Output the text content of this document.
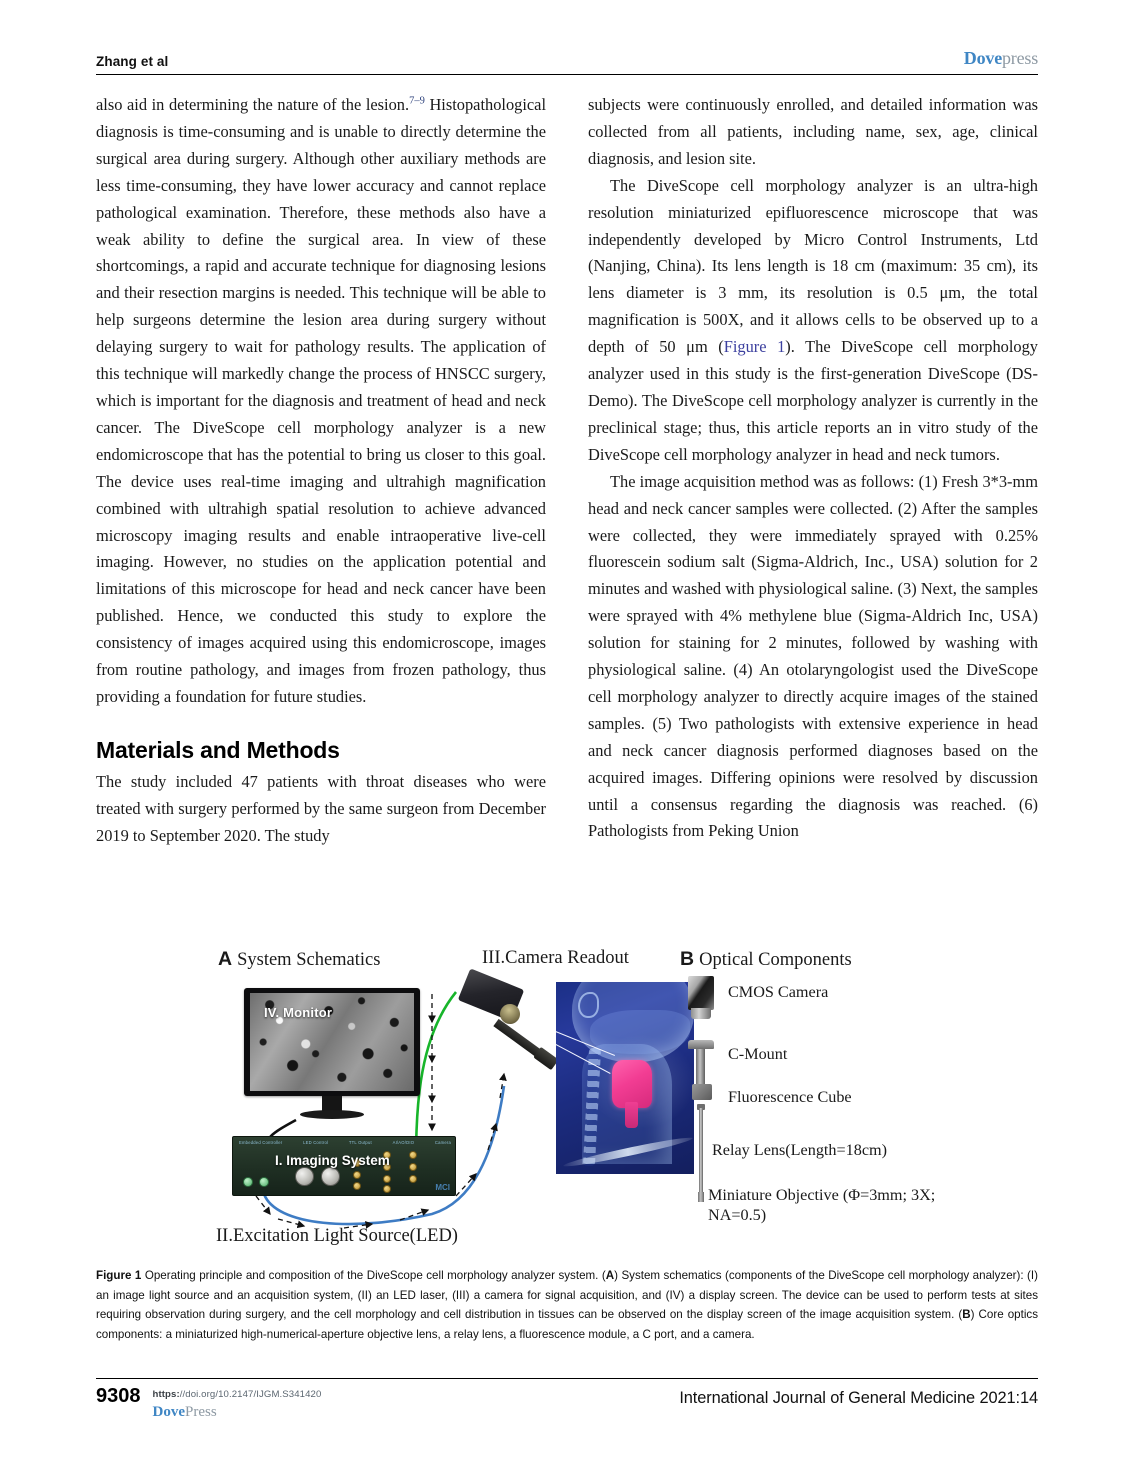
Zhang et al	Dovepress

also aid in determining the nature of the lesion.$^{7-9}$ Histopathological diagnosis is time-consuming and is unable to directly determine the surgical area during surgery. Although other auxiliary methods are less time-consuming, they have lower accuracy and cannot replace pathological examination. Therefore, these methods also have a weak ability to define the surgical area. In view of these shortcomings, a rapid and accurate technique for diagnosing lesions and their resection margins is needed. This technique will be able to help surgeons determine the lesion area during surgery without delaying surgery to wait for pathology results. The application of this technique will markedly change the process of HNSCC surgery, which is important for the diagnosis and treatment of head and neck cancer. The DiveScope cell morphology analyzer is a new endomicroscope that has the potential to bring us closer to this goal. The device uses real-time imaging and ultrahigh magnification combined with ultrahigh spatial resolution to achieve advanced microscopy imaging results and enable intraoperative live-cell imaging. However, no studies on the application potential and limitations of this microscope for head and neck cancer have been published. Hence, we conducted this study to explore the consistency of images acquired using this endomicroscope, images from routine pathology, and images from frozen pathology, thus providing a foundation for future studies.

Materials and Methods

The study included 47 patients with throat diseases who were treated with surgery performed by the same surgeon from December 2019 to September 2020. The study

subjects were continuously enrolled, and detailed information was collected from all patients, including name, sex, age, clinical diagnosis, and lesion site.

The DiveScope cell morphology analyzer is an ultra-high resolution miniaturized epifluorescence microscope that was independently developed by Micro Control Instruments, Ltd (Nanjing, China). Its lens length is 18 cm (maximum: 35 cm), its lens diameter is 3 mm, its resolution is 0.5 μm, the total magnification is 500X, and it allows cells to be observed up to a depth of 50 μm (Figure 1). The DiveScope cell morphology analyzer used in this study is the first-generation DiveScope (DS-Demo). The DiveScope cell morphology analyzer is currently in the preclinical stage; thus, this article reports an in vitro study of the DiveScope cell morphology analyzer in head and neck tumors.

The image acquisition method was as follows: (1) Fresh 3*3-mm head and neck cancer samples were collected. (2) After the samples were collected, they were immediately sprayed with 0.25% fluorescein sodium salt (Sigma-Aldrich, Inc., USA) solution for 2 minutes and washed with physiological saline. (3) Next, the samples were sprayed with 4% methylene blue (Sigma-Aldrich Inc, USA) solution for staining for 2 minutes, followed by washing with physiological saline. (4) An otolaryngologist used the DiveScope cell morphology analyzer to directly acquire images of the stained samples. (5) Two pathologists with extensive experience in head and neck cancer diagnosis performed diagnoses based on the acquired images. Differing opinions were resolved by discussion until a consensus regarding the diagnosis was reached. (6) Pathologists from Peking Union

A System Schematics	III.Camera Readout	B Optical Components
IV. Monitor
Embedded Controller	LED Control	TTL Output	AI/AO/DIO	Camera
MCI
I. Imaging System
II.Excitation Light Source(LED)
CMOS Camera
C-Mount
Fluorescence Cube
Relay Lens(Length=18cm)
Miniature Objective (Φ=3mm; 3X; NA=0.5)
Figure 1 Operating principle and composition of the DiveScope cell morphology analyzer system. (A) System schematics (components of the DiveScope cell morphology analyzer): (I) an image light source and an acquisition system, (II) an LED laser, (III) a camera for signal acquisition, and (IV) a display screen. The device can be used to perform tests at sites requiring observation during surgery, and the cell morphology and cell distribution in tissues can be observed on the display screen of the image acquisition system. (B) Core optics components: a miniaturized high-numerical-aperture objective lens, a relay lens, a fluorescence module, a C port, and a camera.
9308 https://doi.org/10.2147/IJGM.S341420
DovePress
International Journal of General Medicine 2021:14
